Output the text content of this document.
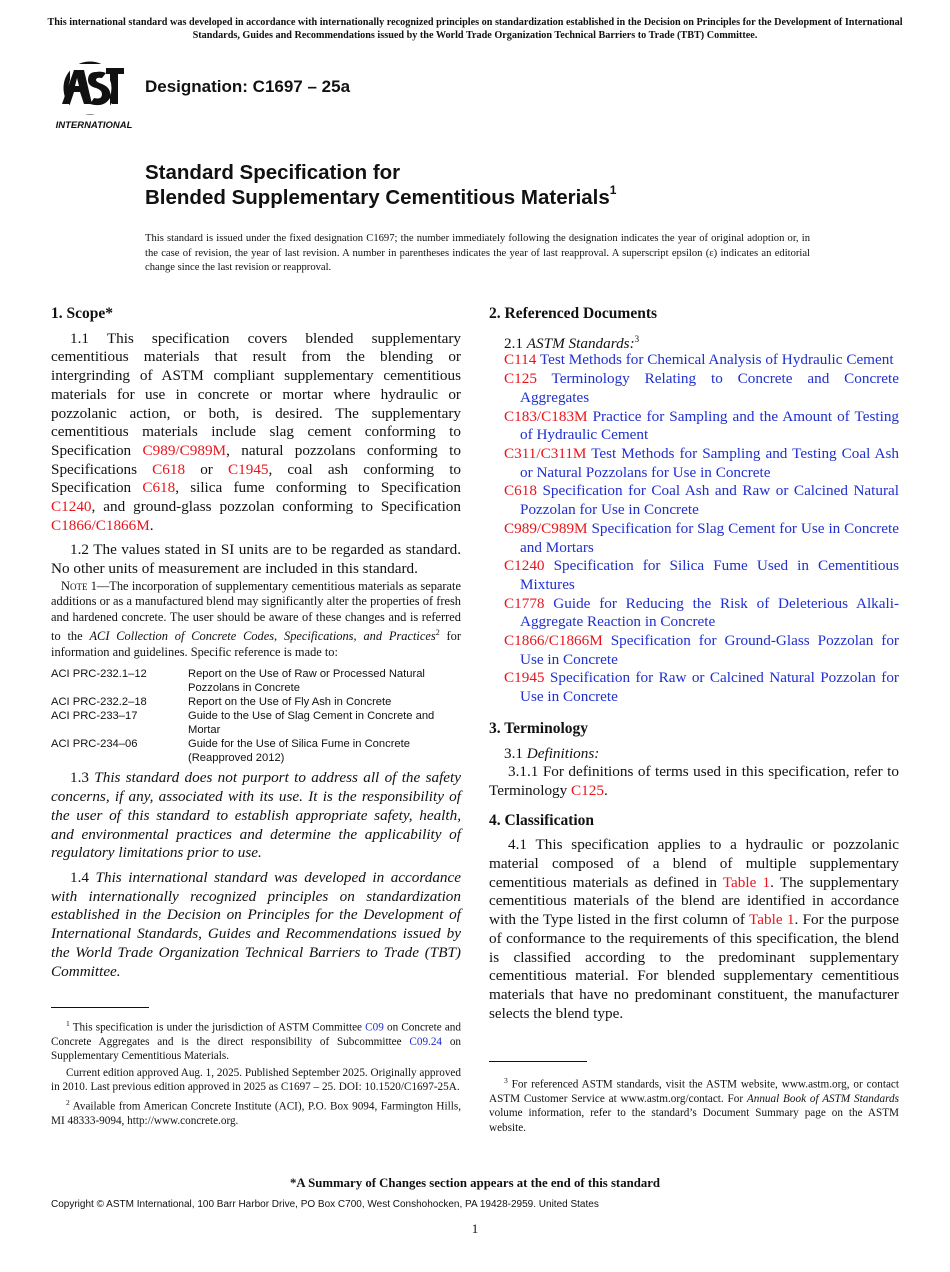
This international standard was developed in accordance with internationally recognized principles on standardization established in the Decision on Principles for the Development of International Standards, Guides and Recommendations issued by the World Trade Organization Technical Barriers to Trade (TBT) Committee.
INTERNATIONAL
Designation: C1697 – 25a
Standard Specification for
Blended Supplementary Cementitious Materials$^1$
This standard is issued under the fixed designation C1697; the number immediately following the designation indicates the year of original adoption or, in the case of revision, the year of last revision. A number in parentheses indicates the year of last reapproval. A superscript epsilon (ε) indicates an editorial change since the last revision or reapproval.
1. Scope*
1.1 This specification covers blended supplementary cementitious materials that result from the blending or intergrinding of ASTM compliant supplementary cementitious materials for use in concrete or mortar where hydraulic or pozzolanic action, or both, is desired. The supplementary cementitious materials include slag cement conforming to Specification C989/C989M, natural pozzolans conforming to Specifications C618 or C1945, coal ash conforming to Specification C618, silica fume conforming to Specification C1240, and ground-glass pozzolan conforming to Specification C1866/C1866M.
1.2 The values stated in SI units are to be regarded as standard. No other units of measurement are included in this standard.
Note 1—The incorporation of supplementary cementitious materials as separate additions or as a manufactured blend may significantly alter the properties of fresh and hardened concrete. The user should be aware of these changes and is referred to the ACI Collection of Concrete Codes, Specifications, and Practices$^2$ for information and guidelines. Specific reference is made to:
ACI PRC-232.1–12	Report on the Use of Raw or Processed Natural Pozzolans in Concrete
ACI PRC-232.2–18	Report on the Use of Fly Ash in Concrete
ACI PRC-233–17	Guide to the Use of Slag Cement in Concrete and Mortar
ACI PRC-234–06	Guide for the Use of Silica Fume in Concrete (Reapproved 2012)
1.3 This standard does not purport to address all of the safety concerns, if any, associated with its use. It is the responsibility of the user of this standard to establish appropriate safety, health, and environmental practices and determine the applicability of regulatory limitations prior to use.
1.4 This international standard was developed in accordance with internationally recognized principles on standardization established in the Decision on Principles for the Development of International Standards, Guides and Recommendations issued by the World Trade Organization Technical Barriers to Trade (TBT) Committee.
2. Referenced Documents
2.1 ASTM Standards:$^3$
C114 Test Methods for Chemical Analysis of Hydraulic Cement
C125 Terminology Relating to Concrete and Concrete Aggregates
C183/C183M Practice for Sampling and the Amount of Testing of Hydraulic Cement
C311/C311M Test Methods for Sampling and Testing Coal Ash or Natural Pozzolans for Use in Concrete
C618 Specification for Coal Ash and Raw or Calcined Natural Pozzolan for Use in Concrete
C989/C989M Specification for Slag Cement for Use in Concrete and Mortars
C1240 Specification for Silica Fume Used in Cementitious Mixtures
C1778 Guide for Reducing the Risk of Deleterious Alkali-Aggregate Reaction in Concrete
C1866/C1866M Specification for Ground-Glass Pozzolan for Use in Concrete
C1945 Specification for Raw or Calcined Natural Pozzolan for Use in Concrete
3. Terminology
3.1 Definitions:
3.1.1 For definitions of terms used in this specification, refer to Terminology C125.
4. Classification
4.1 This specification applies to a hydraulic or pozzolanic material composed of a blend of multiple supplementary cementitious materials as defined in Table 1. The supplementary cementitious materials of the blend are identified in accordance with the Type listed in the first column of Table 1. For the purpose of conformance to the requirements of this specification, the blend is classified according to the predominant supplementary cementitious material. For blended supplementary cementitious materials that have no predominant constituent, the manufacturer selects the blend type.

$^1$ This specification is under the jurisdiction of ASTM Committee C09 on Concrete and Concrete Aggregates and is the direct responsibility of Subcommittee C09.24 on Supplementary Cementitious Materials.

Current edition approved Aug. 1, 2025. Published September 2025. Originally approved in 2010. Last previous edition approved in 2025 as C1697 – 25. DOI: 10.1520/C1697-25A.

$^2$ Available from American Concrete Institute (ACI), P.O. Box 9094, Farmington Hills, MI 48333-9094, http://www.concrete.org.

$^3$ For referenced ASTM standards, visit the ASTM website, www.astm.org, or contact ASTM Customer Service at www.astm.org/contact. For Annual Book of ASTM Standards volume information, refer to the standard’s Document Summary page on the ASTM website.

*A Summary of Changes section appears at the end of this standard
Copyright © ASTM International, 100 Barr Harbor Drive, PO Box C700, West Conshohocken, PA 19428-2959. United States
1
